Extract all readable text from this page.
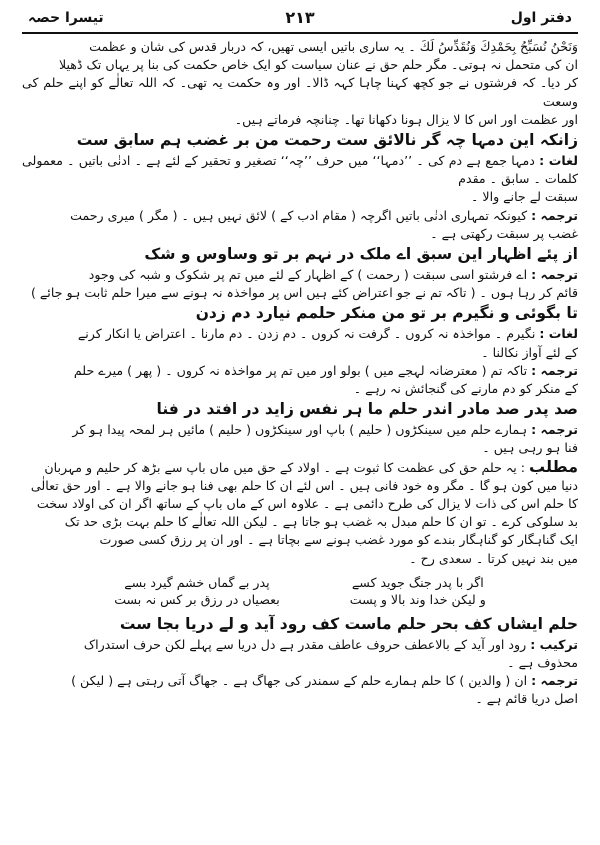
دفتر اول
۲۱۳
تیسرا حصہ

وَنَحْنُ نُسَبِّحُ بِحَمْدِكَ وَنُقَدِّسُ لَكَ ۔ یہ ساری باتیں ایسی تھیں، کہ دربار قدس کی شان و عظمت

ان کی متحمل نہ ہوتی۔ مگر حلم حق نے عنان سیاست کو ایک خاص حکمت کی بنا پر یہاں تک ڈھیلا

کر دیا۔ کہ فرشتوں نے جو کچھ کہنا چاہا کہہ ڈالا۔ اور وہ حکمت یہ تھی۔ کہ اللہ تعالٰے کو اپنے حلم کی وسعت

اور عظمت اور اس کا لا یزال ہونا دکھانا تھا۔ چنانچہ فرماتے ہیں۔

زانکہ این دمہا چہ گر نالائق ست رحمت من بر غضب ہم سابق ست

لغات : دمہا جمع ہے دم کی ۔ ’’دمہا‘‘ میں حرف ’’چہ‘‘ تصغیر و تحقیر کے لئے ہے ۔ ادنٰی باتیں ۔ معمولی کلمات ۔ سابق ۔ مقدم

سبقت لے جانے والا ۔

ترجمہ : کیونکہ تمہاری ادنٰی باتیں اگرچہ ( مقام ادب کے ) لائق نہیں ہیں ۔ ( مگر ) میری رحمت

غضب پر سبقت رکھتی ہے ۔

از پئے اظہار این سبق اے ملک در نہم بر تو وساوس و شک

ترجمہ : اے فرشتو اسی سبقت ( رحمت ) کے اظہار کے لئے میں تم پر شکوک و شبہ کی وجود

قائم کر رہا ہوں ۔ ( تاکہ تم نے جو اعتراض کئے ہیں اس پر مواخذہ نہ ہونے سے میرا حلم ثابت ہو جائے )

تا بگوئی و نگیرم بر تو من منکر حلمم نیارد دم زدن

لغات : نگیرم ۔ مواخذہ نہ کروں ۔ گرفت نہ کروں ۔ دم زدن ۔ دم مارنا ۔ اعتراض یا انکار کرنے

کے لئے آواز نکالنا ۔

ترجمہ : تاکہ تم ( معترضانہ لہجے میں ) بولو اور میں تم پر مواخذہ نہ کروں ۔ ( پھر ) میرے حلم

کے منکر کو دم مارنے کی گنجائش نہ رہے ۔

صد پدر صد مادر اندر حلم ما ہر نفس زاید در افتد در فنا

ترجمہ : ہمارے حلم میں سینکڑوں ( حلیم ) باپ اور سینکڑوں ( حلیم ) مائیں ہر لمحہ پیدا ہو کر

فنا ہو رہی ہیں ۔

مطلب : یہ حلم حق کی عظمت کا ثبوت ہے ۔ اولاد کے حق میں ماں باپ سے بڑھ کر حلیم و مہربان

دنیا میں کون ہو گا ۔ مگر وہ خود فانی ہیں ۔ اس لئے ان کا حلم بھی فنا ہو جانے والا ہے ۔ اور حق تعالٰی

کا حلم اس کی ذات لا یزال کی طرح دائمی ہے ۔ علاوہ اس کے ماں باپ کے ساتھ اگر ان کی اولاد سخت

بد سلوکی کرے ۔ تو ان کا حلم مبدل بہ غضب ہو جاتا ہے ۔ لیکن اللہ تعالٰے کا حلم بہت بڑی حد تک

ایک گناہگار کو گناہگار بندے کو مورد غضب ہونے سے بچاتا ہے ۔ اور ان پر رزق کسی صورت

میں بند نہیں کرتا ۔ سعدی رح ۔

اگر با پدر جنگ جوید کسے
و لیکن خدا وند بالا و پست
پدر بے گماں خشم گیرد بسے
بعصیاں در رزق بر کس نہ بست

حلم ایشاں کف بحر حلم ماست کف رود آید و لے دریا بجا ست

ترکیب : رود اور آید کے بالاعطف حروف عاطف مقدر ہے دل دریا سے پہلے لکن حرف استدراک

محذوف ہے ۔

ترجمہ : ان ( والدین ) کا حلم ہمارے حلم کے سمندر کی جھاگ ہے ۔ جھاگ آتی رہتی ہے ( لیکن )

اصل دریا قائم ہے ۔
